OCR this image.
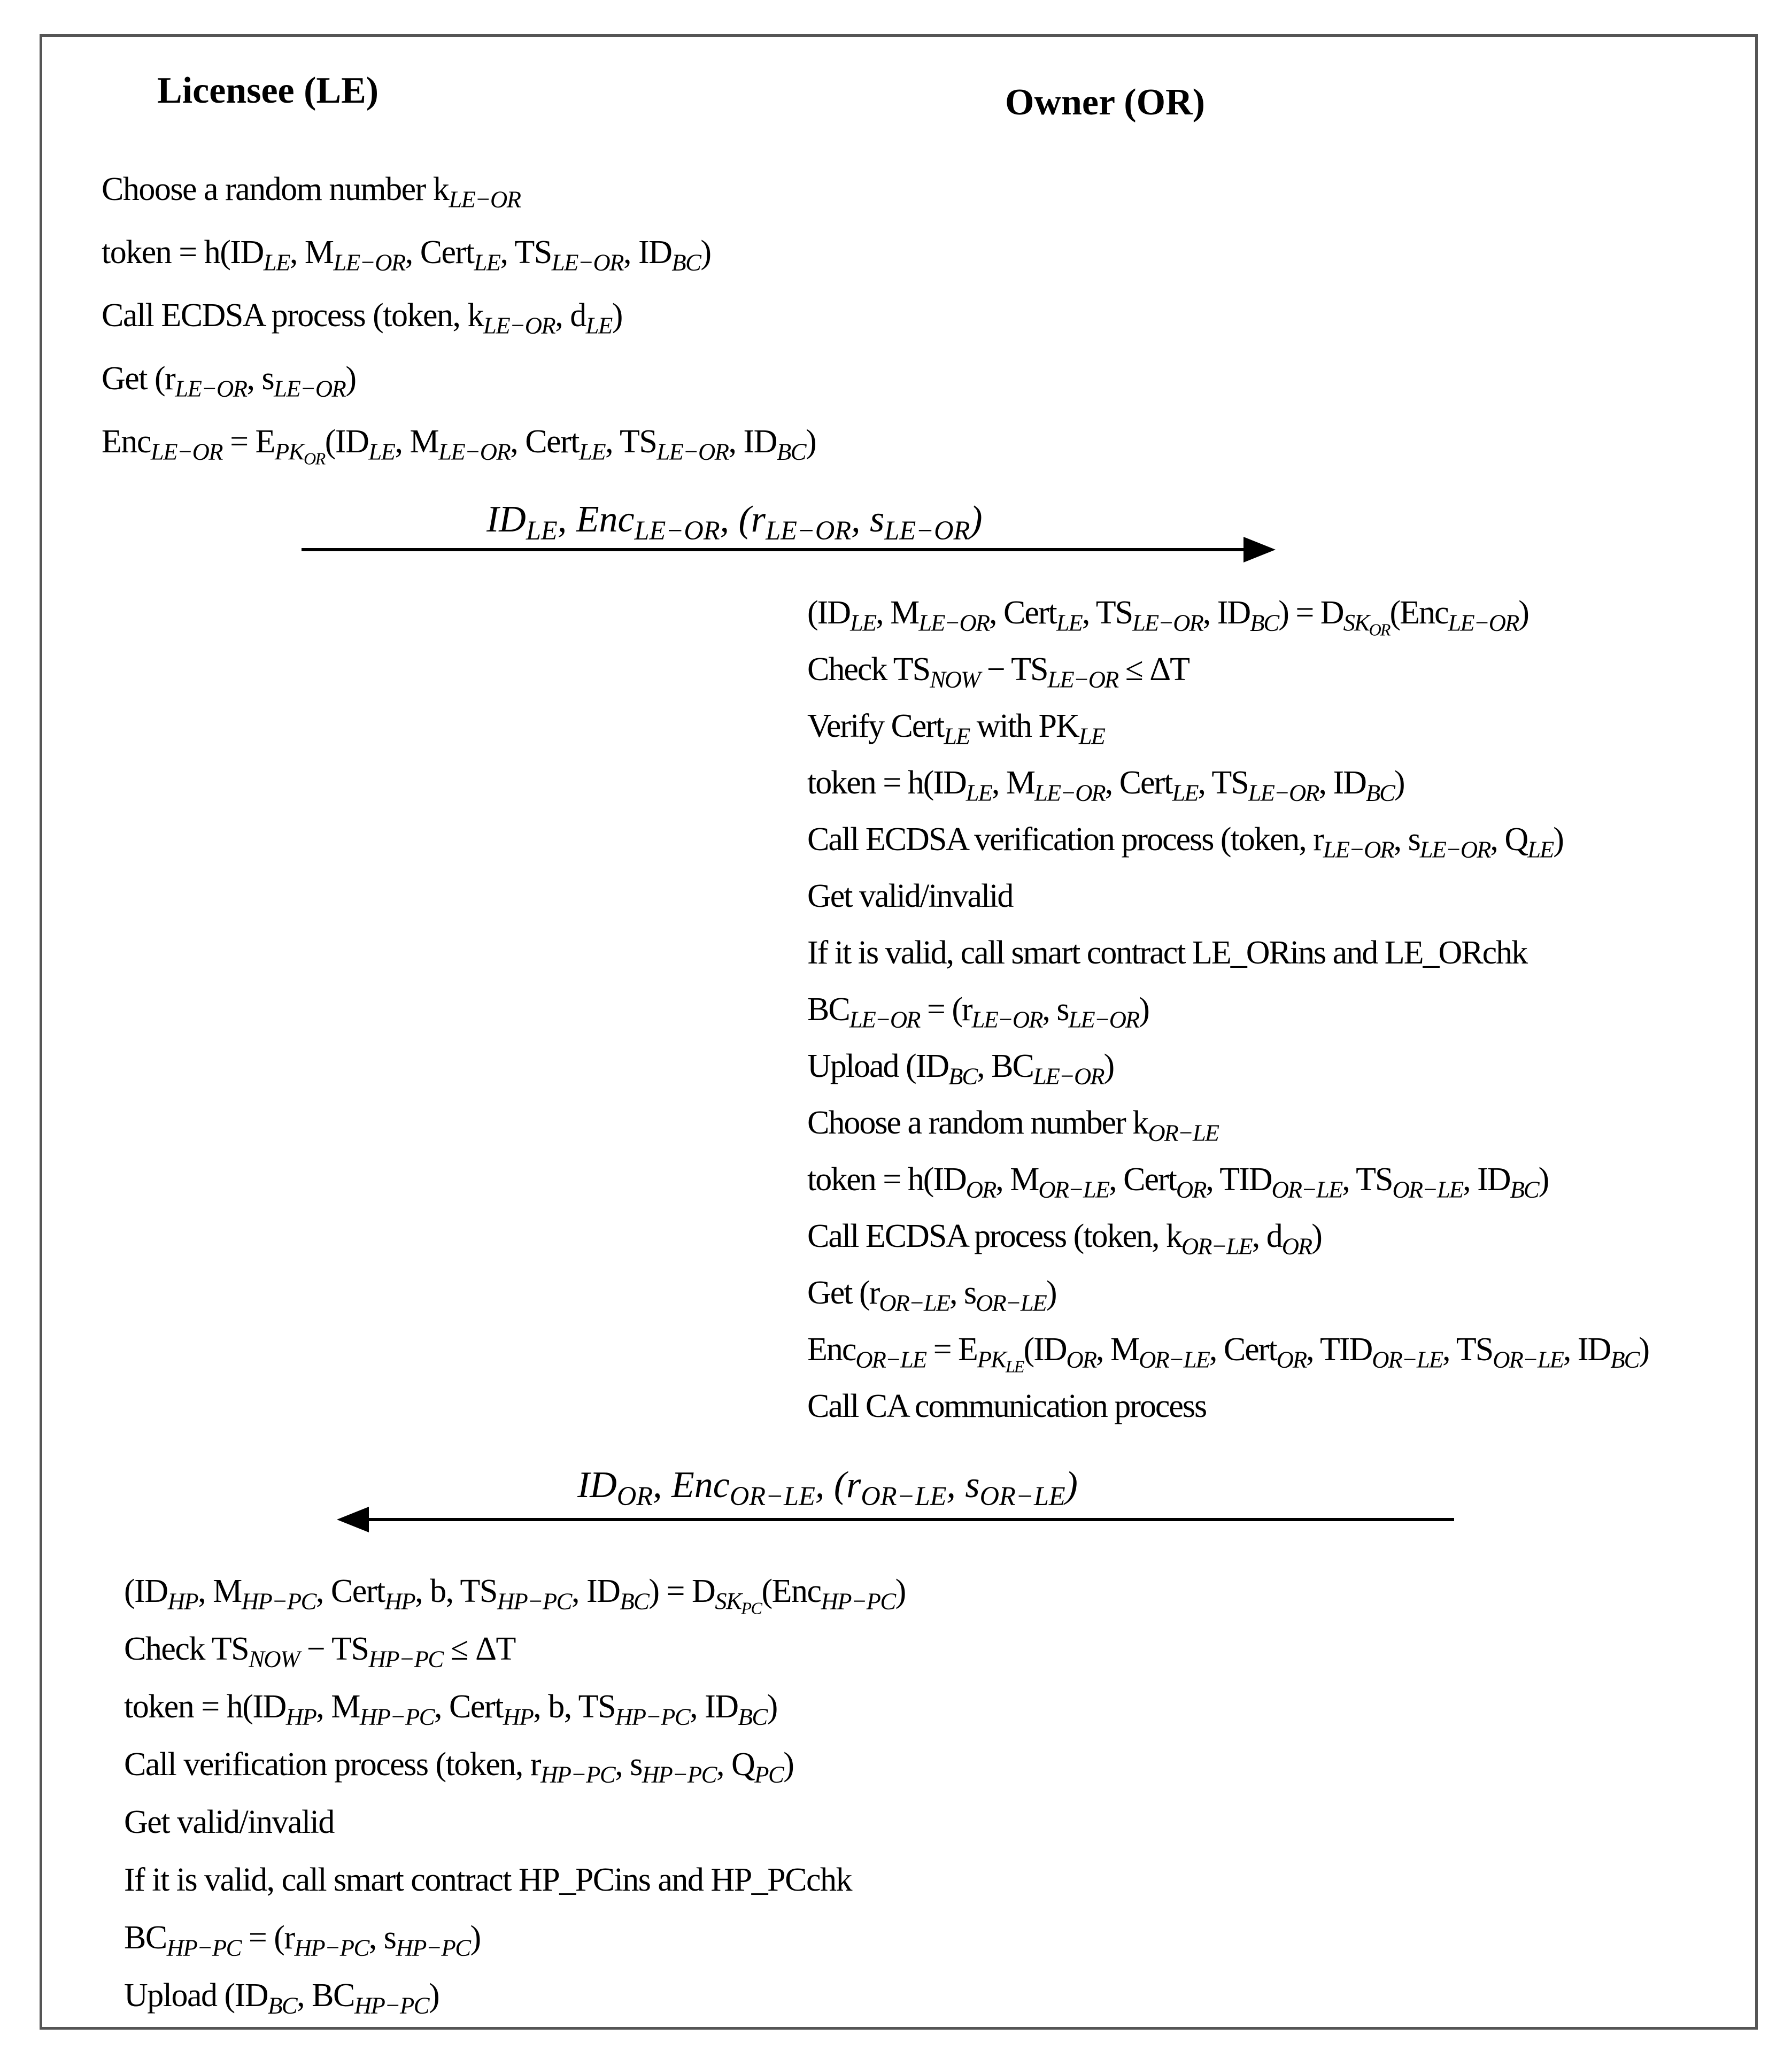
Licensee (LE)	Owner (OR)
Choose a random number $k_{LE-OR}$
token = $h(ID_{LE}$, $M_{LE-OR}$, Cert$_{LE}$, $TS_{LE-OR}$, $ID_{BC}$)
Call ECDSA process (token, $k_{LE-OR}$, $d_{LE}$)
Get ($r_{LE-OR}$, $s_{LE-OR}$)
$Enc_{LE-OR} = E_{PK_{OR}}(ID_{LE}$, $M_{LE-OR}$, Cert$_{LE}$, $TS_{LE-OR}$, $ID_{BC}$)
$ID_{LE}$, Enc$_{LE-OR}$, ($r_{LE-OR}$, $s_{LE-OR}$)
($ID_{LE}$, $M_{LE-OR}$, Cert$_{LE}$, $TS_{LE-OR}$, $ID_{BC}) = D_{SK_{OR}}(Enc_{LE-OR})$
Check $TS_{NOW} - TS_{LE-OR} \le \Delta T$
Verify Cert$_{LE}$ with $PK_{LE}$
token = $h(ID_{LE}$, $M_{LE-OR}$, Cert$_{LE}$, $TS_{LE-OR}$, $ID_{BC}$)
Call ECDSA verification process (token, $r_{LE-OR}$, $s_{LE-OR}$, $Q_{LE}$)
Get valid/invalid
If it is valid, call smart contract LE_ORins and LE_ORchk
$BC_{LE-OR} = (r_{LE-OR}$, $s_{LE-OR}$)
Upload ($ID_{BC}$, $BC_{LE-OR}$)
Choose a random number $k_{OR-LE}$
token = $h(ID_{OR}$, $M_{OR-LE}$, Cert$_{OR}$, $TID_{OR-LE}$, $TS_{OR-LE}$, $ID_{BC}$)
Call ECDSA process (token, $k_{OR-LE}$, $d_{OR}$)
Get ($r_{OR-LE}$, $s_{OR-LE}$)
$Enc_{OR-LE} = E_{PK_{LE}}(ID_{OR}$, $M_{OR-LE}$, Cert$_{OR}$, $TID_{OR-LE}$, $TS_{OR-LE}$, $ID_{BC}$)
Call CA communication process
$ID_{OR}$, Enc$_{OR-LE}$, ($r_{OR-LE}$, $s_{OR-LE}$)
($ID_{HP}$, $M_{HP-PC}$, Cert$_{HP}$, b, $TS_{HP-PC}$, $ID_{BC}) = D_{SK_{PC}}(Enc_{HP-PC})$
Check $TS_{NOW} - TS_{HP-PC} \le \Delta T$
token = $h(ID_{HP}$, $M_{HP-PC}$, Cert$_{HP}$, b, $TS_{HP-PC}$, $ID_{BC}$)
Call verification process (token, $r_{HP-PC}$, $s_{HP-PC}$, $Q_{PC}$)
Get valid/invalid
If it is valid, call smart contract HP_PCins and HP_PCchk
$BC_{HP-PC} = (r_{HP-PC}$, $s_{HP-PC}$)
Upload ($ID_{BC}$, $BC_{HP-PC}$)
